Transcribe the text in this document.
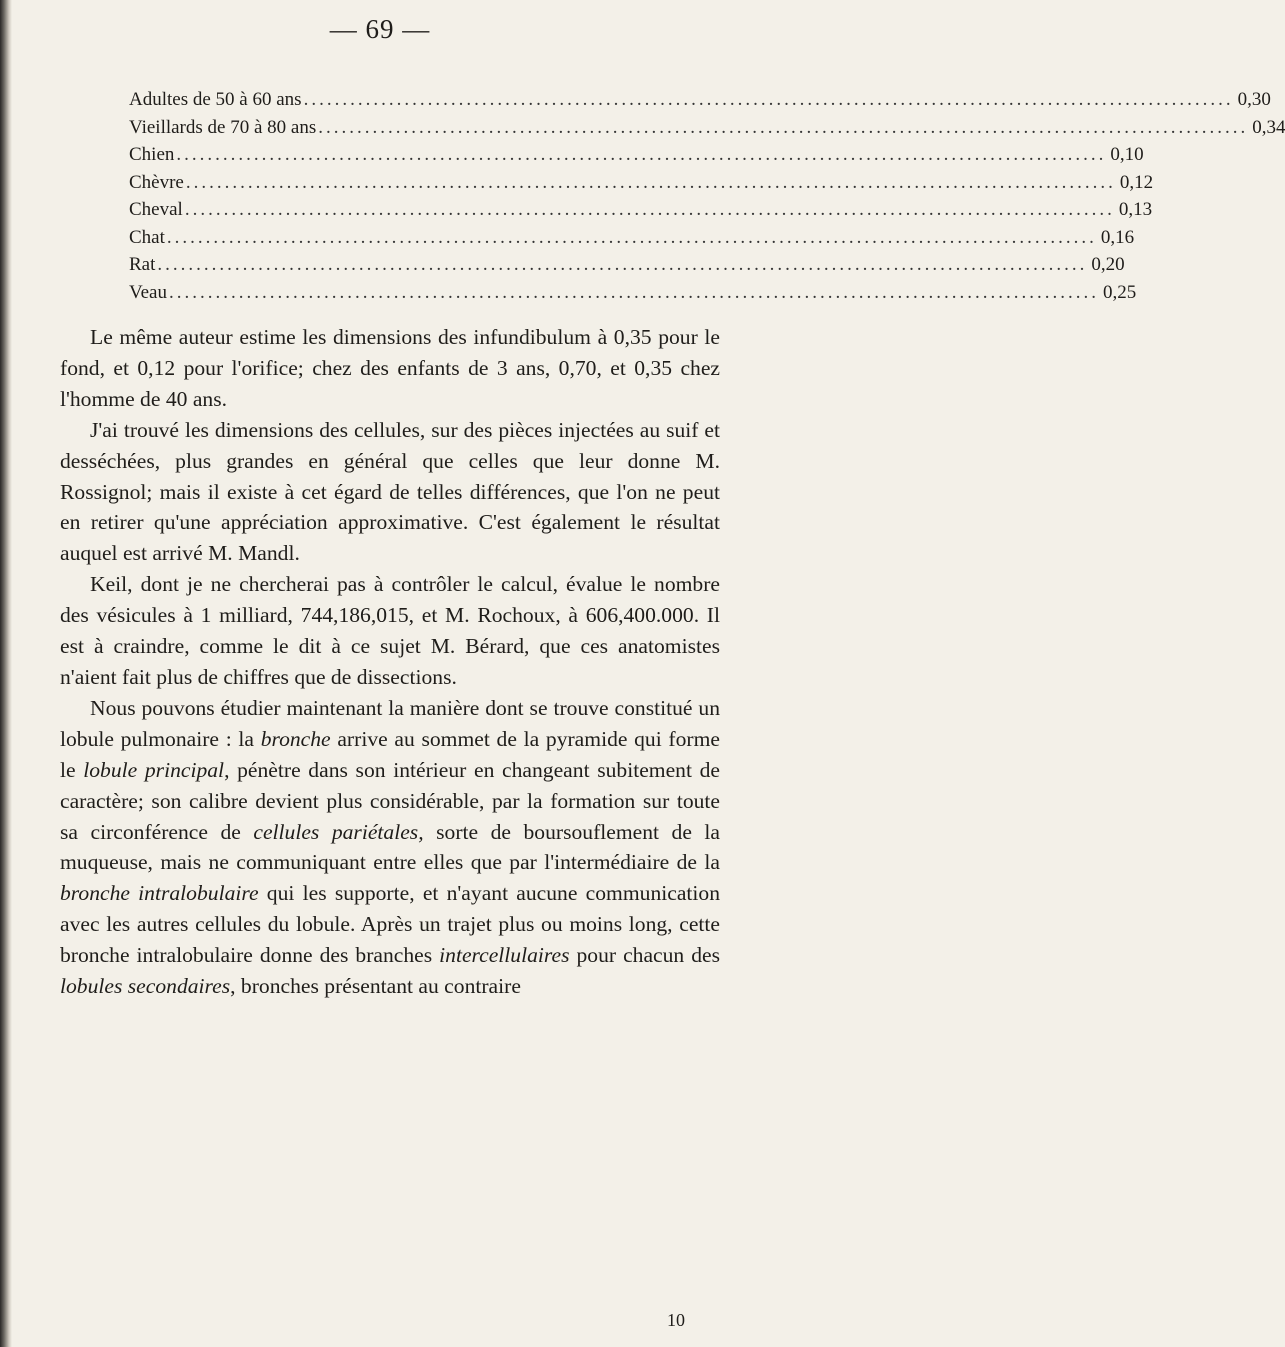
— 69 —
Adultes de 50 à 60 ans ........................................................................................................................ 0,30
Vieillards de 70 à 80 ans ........................................................................................................................ 0,34
Chien ........................................................................................................................ 0,10
Chèvre ........................................................................................................................ 0,12
Cheval ........................................................................................................................ 0,13
Chat ........................................................................................................................ 0,16
Rat ........................................................................................................................ 0,20
Veau ........................................................................................................................ 0,25

Le même auteur estime les dimensions des infundibulum à 0,35 pour le fond, et 0,12 pour l'orifice; chez des enfants de 3 ans, 0,70, et 0,35 chez l'homme de 40 ans.

J'ai trouvé les dimensions des cellules, sur des pièces injectées au suif et desséchées, plus grandes en général que celles que leur donne M. Rossignol; mais il existe à cet égard de telles différences, que l'on ne peut en retirer qu'une appréciation approximative. C'est également le résultat auquel est arrivé M. Mandl.

Keil, dont je ne chercherai pas à contrôler le calcul, évalue le nombre des vésicules à 1 milliard, 744,186,015, et M. Rochoux, à 606,400.000. Il est à craindre, comme le dit à ce sujet M. Bérard, que ces anatomistes n'aient fait plus de chiffres que de dissections.

Nous pouvons étudier maintenant la manière dont se trouve constitué un lobule pulmonaire : la bronche arrive au sommet de la pyramide qui forme le lobule principal, pénètre dans son intérieur en changeant subitement de caractère; son calibre devient plus considérable, par la formation sur toute sa circonférence de cellules pariétales, sorte de boursouflement de la muqueuse, mais ne communiquant entre elles que par l'intermédiaire de la bronche intralobulaire qui les supporte, et n'ayant aucune communication avec les autres cellules du lobule. Après un trajet plus ou moins long, cette bronche intralobulaire donne des branches intercellulaires pour chacun des lobules secondaires, bronches présentant au contraire

10
